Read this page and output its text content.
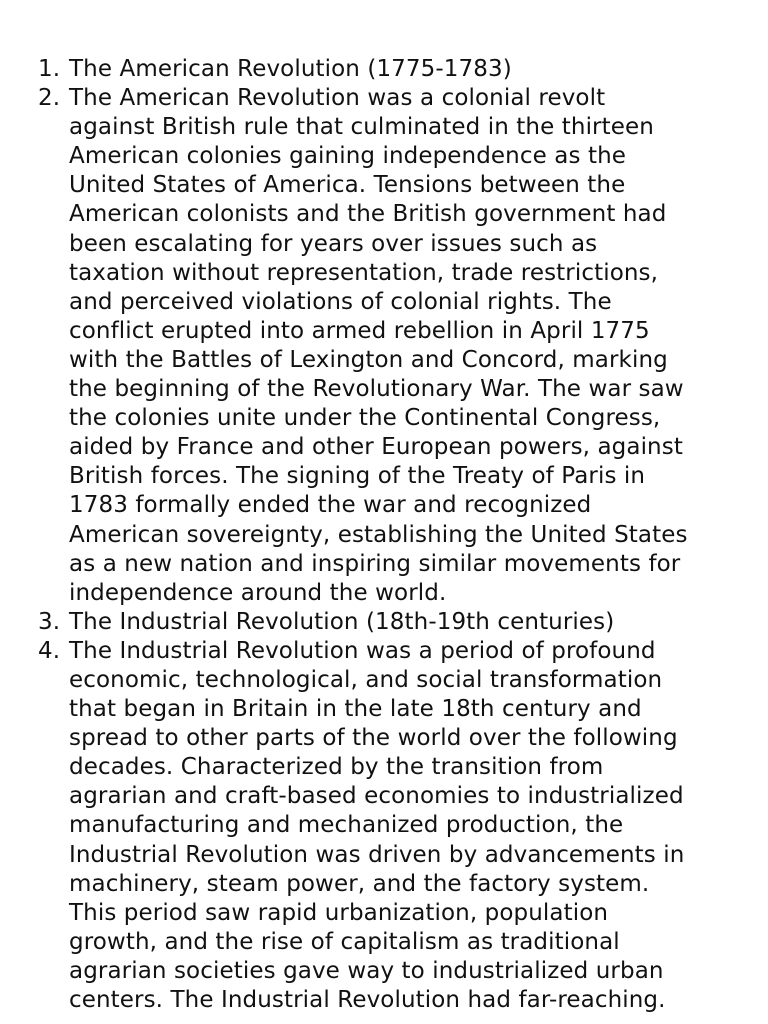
1. The American Revolution (1775-1783)
2. The American Revolution was a colonial revolt
against British rule that culminated in the thirteen
American colonies gaining independence as the
United States of America. Tensions between the
American colonists and the British government had
been escalating for years over issues such as
taxation without representation, trade restrictions,
and perceived violations of colonial rights. The
conflict erupted into armed rebellion in April 1775
with the Battles of Lexington and Concord, marking
the beginning of the Revolutionary War. The war saw
the colonies unite under the Continental Congress,
aided by France and other European powers, against
British forces. The signing of the Treaty of Paris in
1783 formally ended the war and recognized
American sovereignty, establishing the United States
as a new nation and inspiring similar movements for
independence around the world.
3. The Industrial Revolution (18th-19th centuries)
4. The Industrial Revolution was a period of profound
economic, technological, and social transformation
that began in Britain in the late 18th century and
spread to other parts of the world over the following
decades. Characterized by the transition from
agrarian and craft-based economies to industrialized
manufacturing and mechanized production, the
Industrial Revolution was driven by advancements in
machinery, steam power, and the factory system.
This period saw rapid urbanization, population
growth, and the rise of capitalism as traditional
agrarian societies gave way to industrialized urban
centers. The Industrial Revolution had far-reaching.
